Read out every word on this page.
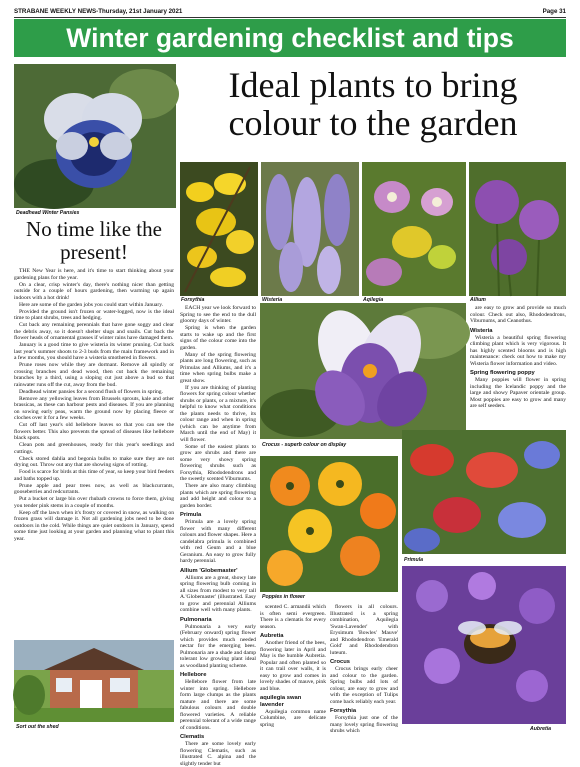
STRABANE WEEKLY NEWS-Thursday, 21st January 2021	Page 31
Winter gardening checklist and tips
Ideal plants to bring colour to the garden
Deadhead Winter Pansies
No time like the present!

THE New Year is here, and it's time to start thinking about your gardening plans for the year.

On a clear, crisp winter's day, there's nothing nicer than getting outside for a couple of hours gardening, then warming up again indoors with a hot drink!

Here are some of the garden jobs you could start within January.

Provided the ground isn't frozen or water-logged, now is the ideal time to plant shrubs, trees and hedging.

Cut back any remaining perennials that have gone soggy and clear the debris away, so it doesn't shelter slugs and snails. Cut back the flower heads of ornamental grasses if winter rains have damaged them.

January is a good time to give wisteria its winter pruning. Cut back last year's summer shoots to 2-3 buds from the main framework and in a few months, you should have a wisteria smothered in flowers.

Prune roses now while they are dormant. Remove all spindly or crossing branches and dead wood, then cut back the remaining branches by a third, using a sloping cut just above a bud so that rainwater runs off the cut, away from the bud.

Deadhead winter pansies for a second flush of flowers in spring.

Remove any yellowing leaves from Brussels sprouts, kale and other brassicas, as these can harbour pests and diseases. If you are planning on sowing early peas, warm the ground now by placing fleece or cloches over it for a few weeks.

Cut off last year's old hellebore leaves so that you can see the flowers better. This also prevents the spread of diseases like hellebore black spots.

Clean pots and greenhouses, ready for this year's seedlings and cuttings.

Check stored dahlia and begonia bulbs to make sure they are not drying out. Throw out any that are showing signs of rotting.

Food is scarce for birds at this time of year, so keep your bird feeders and baths topped up.

Prune apple and pear trees now, as well as blackcurrants, gooseberries and redcurrants.

Put a bucket or large bin over rhubarb crowns to force them, giving you tender pink stems in a couple of months.

Keep off the lawn when it's frosty or covered in snow, as walking on frozen grass will damage it. Not all gardening jobs need to be done outdoors in the cold. While things are quiet outdoors in January, spend some time just looking at your garden and planning what to plant this year.

Sort out the shed
Forsythia	Wisteria	Aqilegia	Allium

EACH year we look forward to Spring to see the end to the dull gloomy days of winter.

Spring is when the garden starts to wake up and the first signs of the colour come into the garden.

Many of the spring flowering plants are long flowering, such as Primulas and Alliums, and it's a time when spring bulbs make a great show.

If you are thinking of planting flowers for spring colour whether shrubs or plants, or a mixture, it's helpful to know what conditions the plants needs to thrive, its colour range and when in spring (which can be anytime from March until the end of May) it will flower.

Some of the easiest plants to grow are shrubs and there are some very showy spring flowering shrubs such as Forsythia, Rhododendrons and the sweetly scented Viburnums.

There are also many climbing plants which are spring flowering and add height and colour to a garden border.

Primula

Primula are a lovely spring flower with many different colours and flower shapes. Here a candelabra primula is combined with red Geum and a blue Geranium. An easy to grow fully hardy perennial.

Allium 'Globemaster'

Alliums are a great, showy late spring flowering bulb coming in all sizes from modest to very tall A.'Globemaster' (illustrated. Easy to grow and perennial Alliums combine well with many plants.

Pulmonaria

Pulmonaria a very early (February onward) spring flower which provides much needed nectar for the emerging bees. Pulmonaria are a shade and damp tolerant low growing plant ideal as woodland planting scheme.

Hellebore

Hellebore flower from late winter into spring. Hellebore form large clumps as the plants mature and there are some fabulous colours and double flowered varieties. A reliable perennial tolerant of a wide range of conditions.

Clematis

There are some lovely early flowering Clematis, such as illustrated C. alpina and the slightly tender but

Crocus - superb colour on display
Poppies in flower

scented C. armandii which is often semi evergreen. There is a clematis for every season.

Aubretia

Another friend of the bees, flowering later in April and May is the humble Aubretia. Popular and often planted so it can trail over walls, it is easy to grow and comes in lovely shades of mauve, pink and blue.

aquilegia swan lavender

Aquilegia common name Columbine, are delicate spring

flowers in all colours. Illustrated is a spring combination, Aquilegia 'Swan-Lavender' with Erysimum 'Bowles' Mauve' and Rhododendron 'Emerald Gold' and Rhododendron luteum.

Crocus

Crocus brings early cheer and colour to the garden. Spring bulbs add lots of colour, are easy to grow and with the exception of Tulips come back reliably each year.

Forsythia

Forsythia just one of the many lovely spring flowering shrubs which

are easy to grow and provide so much colour. Check out also, Rhododendrons, Viburnums, and Ceanothus.

Wisteria

Wisteria a beautiful spring flowering climbing plant which is very vigorous. It has highly scented blooms and is high maintenance: check out how to make my Wisteria flower information and video.

Spring flowering poppy

Many poppies will flower in spring including the Icelandic poppy and the large and showy Papaver orientale group. Most poppies are easy to grow and many are self seeders.

Primula
Aubretia
